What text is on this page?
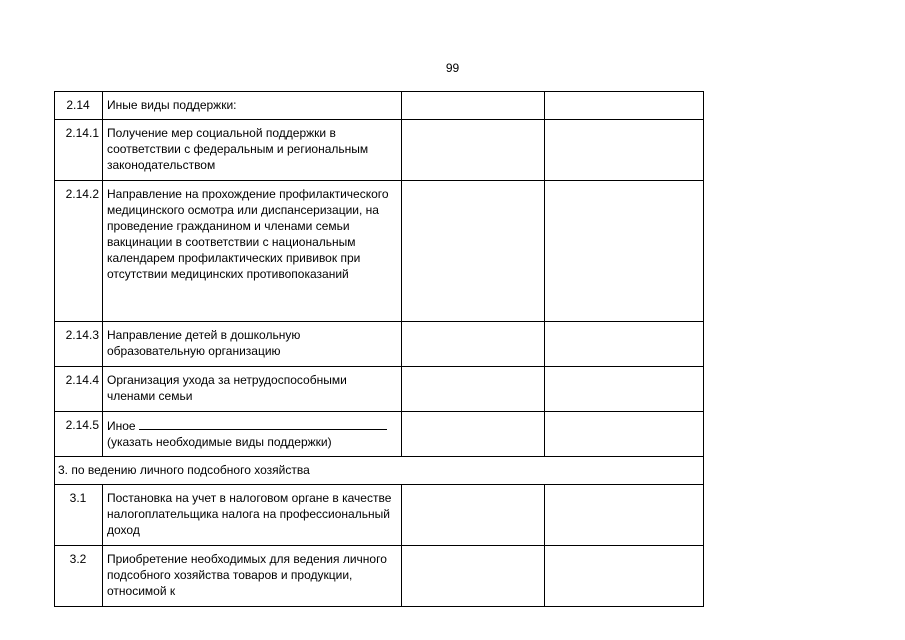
99
2.14	Иные виды поддержки:		
2.14.1	Получение мер социальной поддержки в соответствии с федеральным и региональным законодательством		
2.14.2	Направление на прохождение профилактического медицинского осмотра или диспансеризации, на проведение гражданином и членами семьи вакцинации в соответствии с национальным календарем профилактических прививок при отсутствии медицинских противопоказаний		
2.14.3	Направление детей в дошкольную образовательную организацию		
2.14.4	Организация ухода за нетрудоспособными членами семьи		
2.14.5	Иное
(указать необходимые виды поддержки)		
3. по ведению личного подсобного хозяйства			
3.1	Постановка на учет в налоговом органе в качестве налогоплательщика налога на профессиональный доход		
3.2	Приобретение необходимых для ведения личного подсобного хозяйства товаров и продукции, относимой к		
